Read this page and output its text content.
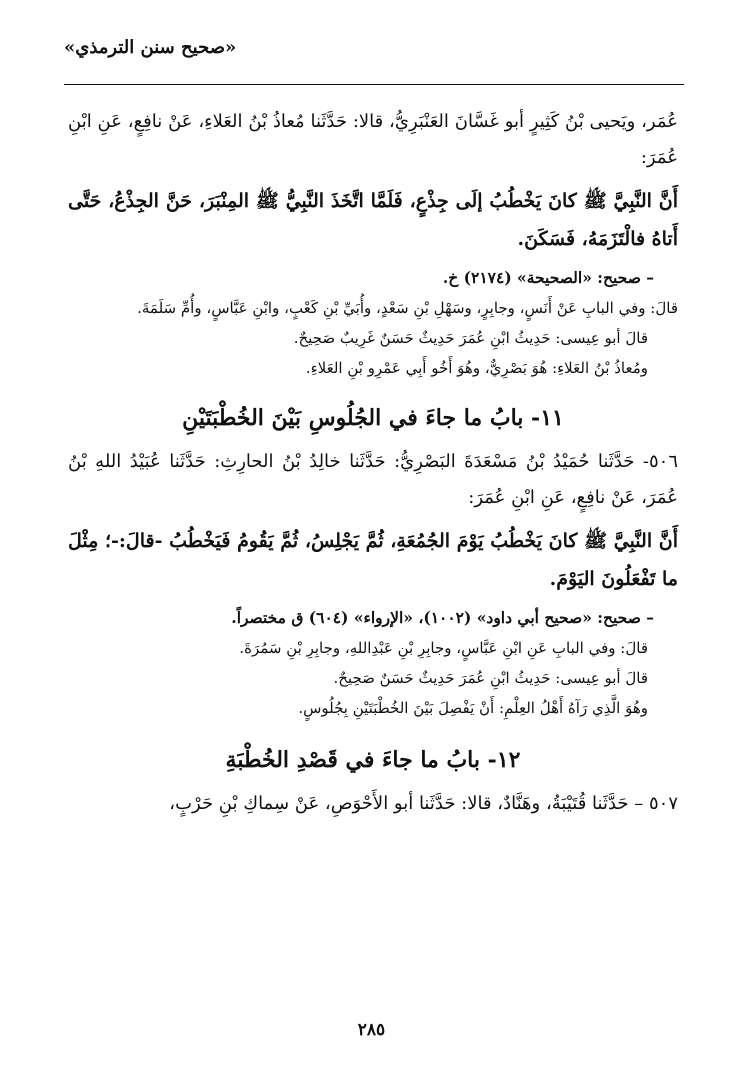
«صحيح سنن الترمذي»

عُمَر، ويَحيى بْنُ كَثِيرٍ أبو غَسَّانَ العَنْبَرِيُّ، قالا: حَدَّثَنا مُعاذُ بْنُ العَلاءِ، عَنْ نافِعٍ، عَنِ ابْنِ عُمَرَ:

أَنَّ النَّبِيَّ ﷺ كانَ يَخْطُبُ إلَى جِذْعٍ، فَلَمَّا اتَّخَذَ النَّبِيُّ ﷺ المِنْبَرَ، حَنَّ الجِذْعُ، حَتَّى أَتاهُ فالْتَزَمَهُ، فَسَكَنَ.

– صحيح: «الصحيحة» (٢١٧٤) خ.

قالَ: وفي البابِ عَنْ أَنَسٍ، وجابِرٍ، وسَهْلِ بْنِ سَعْدٍ، وأُبَيِّ بْنِ كَعْبٍ، وابْنِ عَبَّاسٍ، وأُمِّ سَلَمَةَ.

قالَ أبو عِيسى: حَدِيثُ ابْنِ عُمَرَ حَدِيثٌ حَسَنٌ غَرِيبٌ صَحِيحٌ.

ومُعاذُ بْنُ العَلاءِ: هُوَ بَصْرِيٌّ، وهُوَ أَخُو أَبِي عَمْرِو بْنِ العَلاءِ.

١١- بابُ ما جاءَ في الجُلُوسِ بَيْنَ الخُطْبَتَيْنِ

٥٠٦- حَدَّثَنا حُمَيْدُ بْنُ مَسْعَدَةَ البَصْرِيُّ: حَدَّثَنا خالِدُ بْنُ الحارِثِ: حَدَّثَنا عُبَيْدُ اللهِ بْنُ عُمَرَ، عَنْ نافِعٍ، عَنِ ابْنِ عُمَرَ:

أَنَّ النَّبِيَّ ﷺ كانَ يَخْطُبُ يَوْمَ الجُمُعَةِ، ثُمَّ يَجْلِسُ، ثُمَّ يَقُومُ فَيَخْطُبُ -قالَ:-؛ مِثْلَ ما تَفْعَلُونَ اليَوْمَ.

– صحيح: «صحيح أبي داود» (١٠٠٢)، «الإرواء» (٦٠٤) ق مختصراً.

قالَ: وفي البابِ عَنِ ابْنِ عَبَّاسٍ، وجابِرِ بْنِ عَبْدِاللهِ، وجابِرِ بْنِ سَمُرَةَ.

قالَ أبو عِيسى: حَدِيثُ ابْنِ عُمَرَ حَدِيثٌ حَسَنٌ صَحِيحٌ.

وهُوَ الَّذِي رَآهُ أَهْلُ العِلْمِ: أَنْ يَفْصِلَ بَيْنَ الخُطْبَتَيْنِ بِجُلُوسٍ.

١٢- بابُ ما جاءَ في قَصْدِ الخُطْبَةِ

٥٠٧ – حَدَّثَنا قُتَيْبَةُ، وهَنَّادٌ، قالا: حَدَّثَنا أبو الأَحْوَصِ، عَنْ سِماكِ بْنِ حَرْبٍ،

٢٨٥
